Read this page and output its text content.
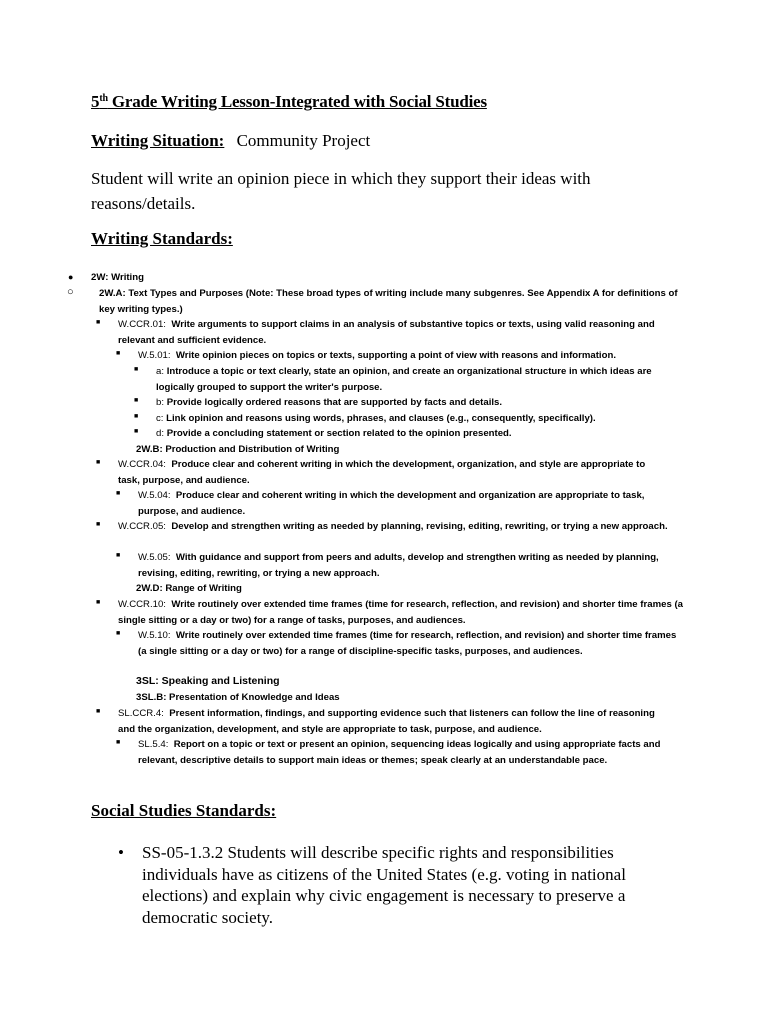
5th Grade Writing Lesson-Integrated with Social Studies
Writing Situation: Community Project
Student will write an opinion piece in which they support their ideas with reasons/details.
Writing Standards:
● 2W: Writing
○	2W.A: Text Types and Purposes (Note: These broad types of writing include many subgenres. See Appendix A for definitions of key writing types.)
■ W.CCR.01: Write arguments to support claims in an analysis of substantive topics or texts, using valid reasoning and relevant and sufficient evidence.
■ W.5.01: Write opinion pieces on topics or texts, supporting a point of view with reasons and information.
■ a: Introduce a topic or text clearly, state an opinion, and create an organizational structure in which ideas are logically grouped to support the writer's purpose.
■ b: Provide logically ordered reasons that are supported by facts and details.
■ c: Link opinion and reasons using words, phrases, and clauses (e.g., consequently, specifically).
■ d: Provide a concluding statement or section related to the opinion presented.
2W.B: Production and Distribution of Writing
■ W.CCR.04: Produce clear and coherent writing in which the development, organization, and style are appropriate to task, purpose, and audience.
■ W.5.04: Produce clear and coherent writing in which the development and organization are appropriate to task, purpose, and audience.
■ W.CCR.05: Develop and strengthen writing as needed by planning, revising, editing, rewriting, or trying a new approach.
■ W.5.05: With guidance and support from peers and adults, develop and strengthen writing as needed by planning, revising, editing, rewriting, or trying a new approach.
2W.D: Range of Writing
■ W.CCR.10: Write routinely over extended time frames (time for research, reflection, and revision) and shorter time frames (a single sitting or a day or two) for a range of tasks, purposes, and audiences.
■ W.5.10: Write routinely over extended time frames (time for research, reflection, and revision) and shorter time frames (a single sitting or a day or two) for a range of discipline-specific tasks, purposes, and audiences.
3SL: Speaking and Listening
3SL.B: Presentation of Knowledge and Ideas
■ SL.CCR.4: Present information, findings, and supporting evidence such that listeners can follow the line of reasoning and the organization, development, and style are appropriate to task, purpose, and audience.
■ SL.5.4: Report on a topic or text or present an opinion, sequencing ideas logically and using appropriate facts and relevant, descriptive details to support main ideas or themes; speak clearly at an understandable pace.
Social Studies Standards:
• SS-05-1.3.2 Students will describe specific rights and responsibilities individuals have as citizens of the United States (e.g. voting in national elections) and explain why civic engagement is necessary to preserve a democratic society.
